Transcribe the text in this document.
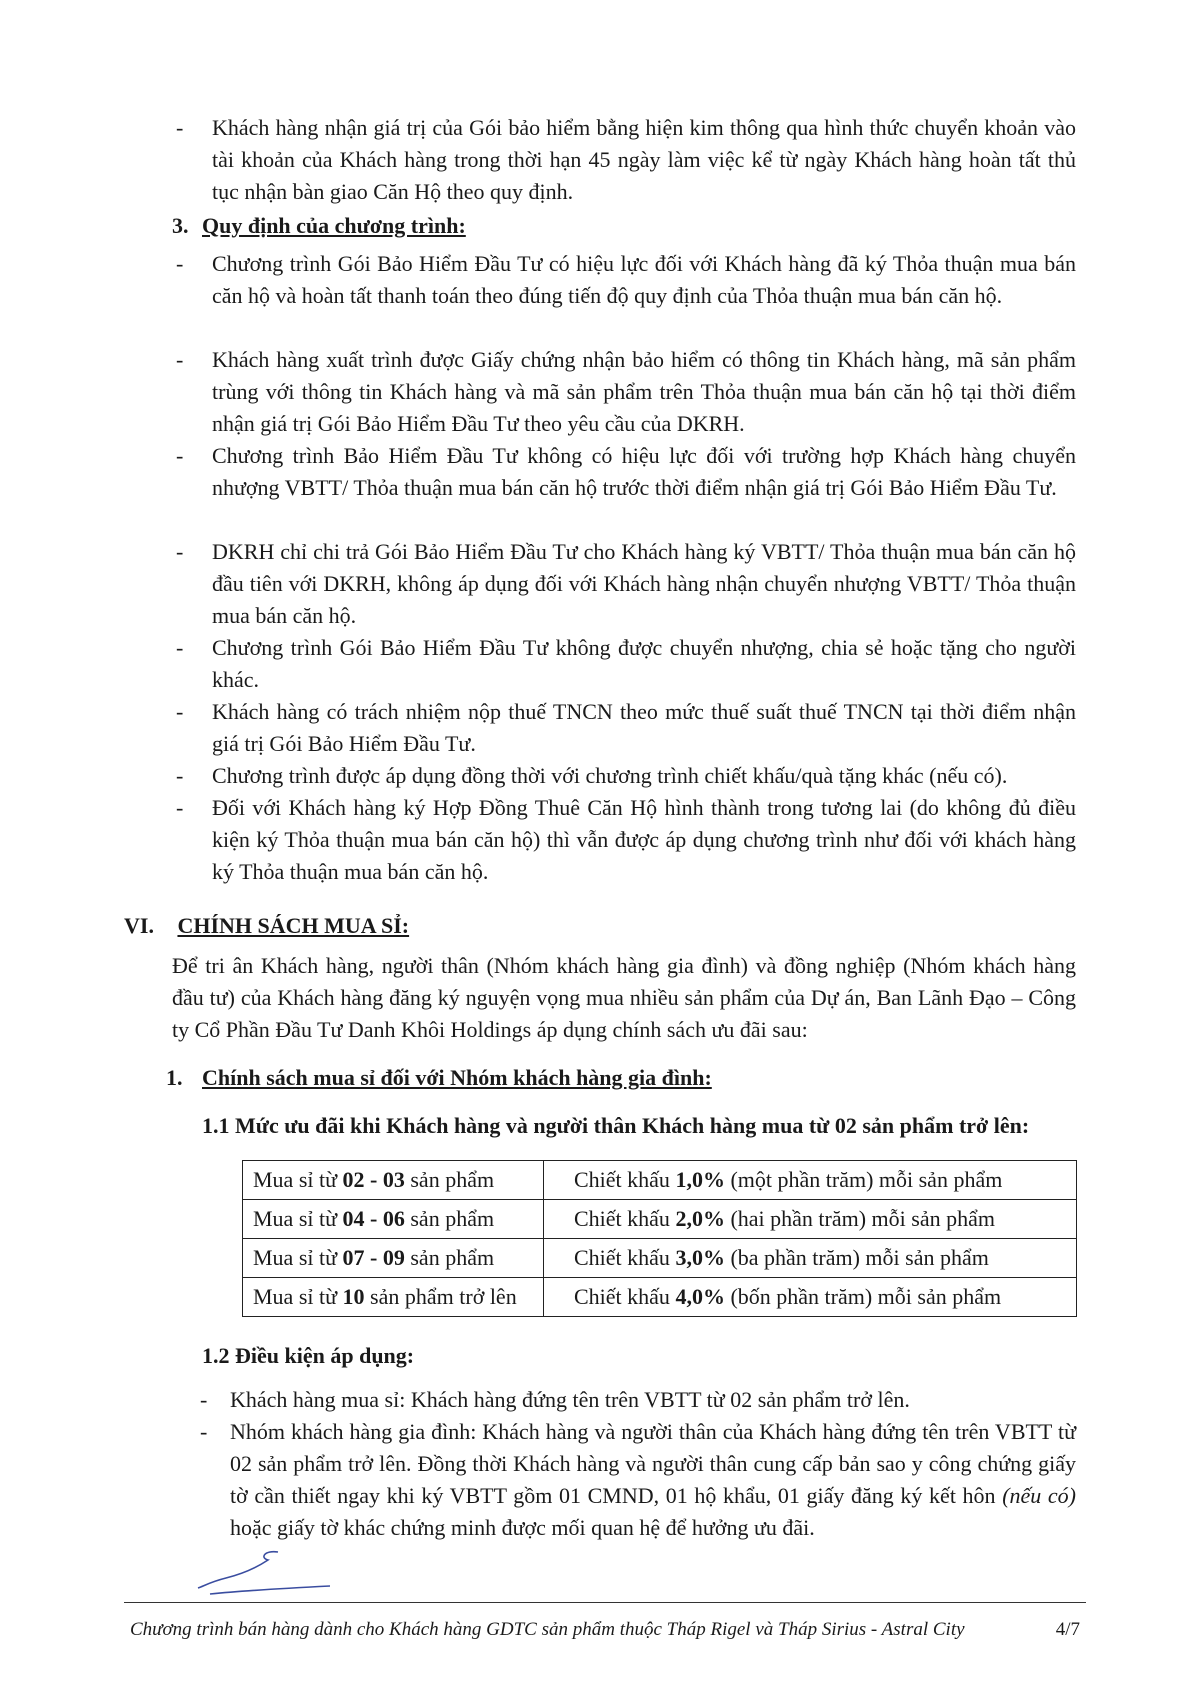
- Khách hàng nhận giá trị của Gói bảo hiểm bằng hiện kim thông qua hình thức chuyển khoản vào tài khoản của Khách hàng trong thời hạn 45 ngày làm việc kể từ ngày Khách hàng hoàn tất thủ tục nhận bàn giao Căn Hộ theo quy định.
3. Quy định của chương trình:
- Chương trình Gói Bảo Hiểm Đầu Tư có hiệu lực đối với Khách hàng đã ký Thỏa thuận mua bán căn hộ và hoàn tất thanh toán theo đúng tiến độ quy định của Thỏa thuận mua bán căn hộ.
- Khách hàng xuất trình được Giấy chứng nhận bảo hiểm có thông tin Khách hàng, mã sản phẩm trùng với thông tin Khách hàng và mã sản phẩm trên Thỏa thuận mua bán căn hộ tại thời điểm nhận giá trị Gói Bảo Hiểm Đầu Tư theo yêu cầu của DKRH.
- Chương trình Bảo Hiểm Đầu Tư không có hiệu lực đối với trường hợp Khách hàng chuyển nhượng VBTT/ Thỏa thuận mua bán căn hộ trước thời điểm nhận giá trị Gói Bảo Hiểm Đầu Tư.
- DKRH chỉ chi trả Gói Bảo Hiểm Đầu Tư cho Khách hàng ký VBTT/ Thỏa thuận mua bán căn hộ đầu tiên với DKRH, không áp dụng đối với Khách hàng nhận chuyển nhượng VBTT/ Thỏa thuận mua bán căn hộ.
- Chương trình Gói Bảo Hiểm Đầu Tư không được chuyển nhượng, chia sẻ hoặc tặng cho người khác.
- Khách hàng có trách nhiệm nộp thuế TNCN theo mức thuế suất thuế TNCN tại thời điểm nhận giá trị Gói Bảo Hiểm Đầu Tư.
- Chương trình được áp dụng đồng thời với chương trình chiết khấu/quà tặng khác (nếu có).
- Đối với Khách hàng ký Hợp Đồng Thuê Căn Hộ hình thành trong tương lai (do không đủ điều kiện ký Thỏa thuận mua bán căn hộ) thì vẫn được áp dụng chương trình như đối với khách hàng ký Thỏa thuận mua bán căn hộ.
VI. CHÍNH SÁCH MUA SỈ:
Để tri ân Khách hàng, người thân (Nhóm khách hàng gia đình) và đồng nghiệp (Nhóm khách hàng đầu tư) của Khách hàng đăng ký nguyện vọng mua nhiều sản phẩm của Dự án, Ban Lãnh Đạo – Công ty Cổ Phần Đầu Tư Danh Khôi Holdings áp dụng chính sách ưu đãi sau:
1. Chính sách mua sỉ đối với Nhóm khách hàng gia đình:
1.1 Mức ưu đãi khi Khách hàng và người thân Khách hàng mua từ 02 sản phẩm trở lên:
Mua sỉ từ 02 - 03 sản phẩm	Chiết khấu 1,0% (một phần trăm) mỗi sản phẩm
Mua sỉ từ 04 - 06 sản phẩm	Chiết khấu 2,0% (hai phần trăm) mỗi sản phẩm
Mua sỉ từ 07 - 09 sản phẩm	Chiết khấu 3,0% (ba phần trăm) mỗi sản phẩm
Mua sỉ từ 10 sản phẩm trở lên	Chiết khấu 4,0% (bốn phần trăm) mỗi sản phẩm
1.2 Điều kiện áp dụng:
- Khách hàng mua sỉ: Khách hàng đứng tên trên VBTT từ 02 sản phẩm trở lên.
- Nhóm khách hàng gia đình: Khách hàng và người thân của Khách hàng đứng tên trên VBTT từ 02 sản phẩm trở lên. Đồng thời Khách hàng và người thân cung cấp bản sao y công chứng giấy tờ cần thiết ngay khi ký VBTT gồm 01 CMND, 01 hộ khẩu, 01 giấy đăng ký kết hôn (nếu có) hoặc giấy tờ khác chứng minh được mối quan hệ để hưởng ưu đãi.
Chương trình bán hàng dành cho Khách hàng GDTC sản phẩm thuộc Tháp Rigel và Tháp Sirius - Astral City	4/7
